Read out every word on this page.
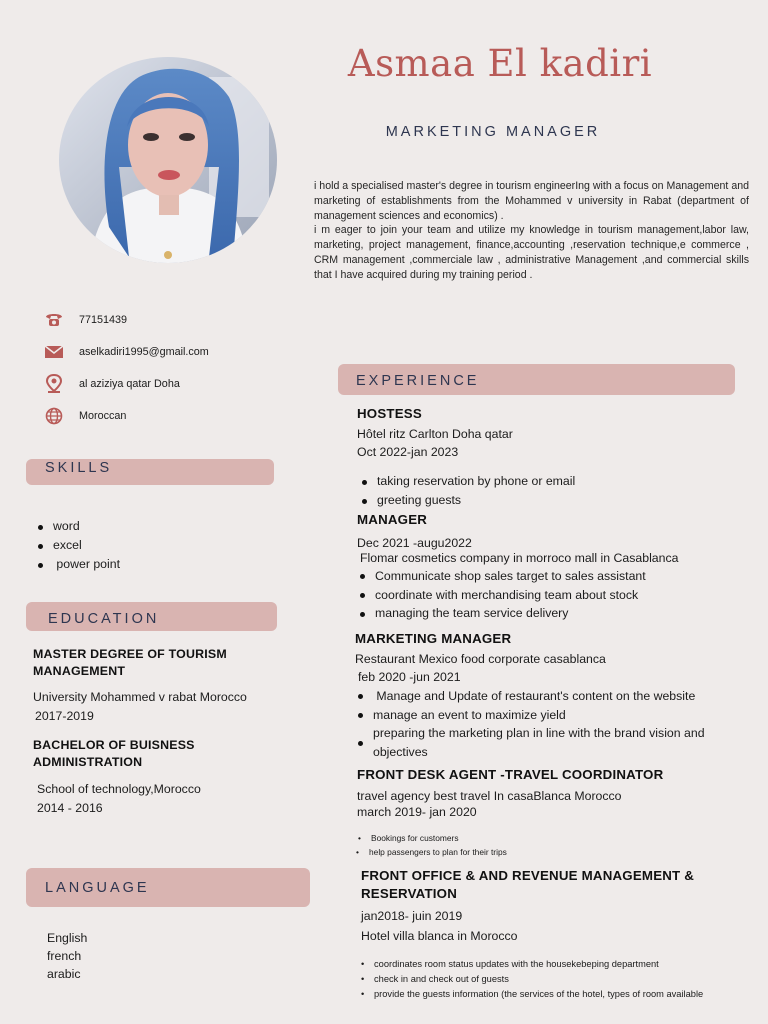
Asmaa El kadiri
MARKETING MANAGER

i hold a specialised master's degree in tourism engineerIng with a focus on Management and marketing of establishments from the Mohammed v university in Rabat (department of management sciences and economics) .

i m eager to join your team and utilize my knowledge in tourism management,labor law, marketing, project management, finance,accounting ,reservation technique,e commerce , CRM management ,commerciale law , administrative Management ,and commercial skills that I have acquired during my training period .

77151439
aselkadiri1995@gmail.com
al aziziya qatar Doha
Moroccan
SKILLS
word
excel
power point
EDUCATION
MASTER DEGREE OF TOURISM MANAGEMENT
University Mohammed v rabat Morocco
2017-2019
BACHELOR OF BUISNESS ADMINISTRATION
School of technology,Morocco
2014 - 2016
LANGUAGE
English
french
arabic
EXPERIENCE
HOSTESS
Hôtel ritz Carlton Doha qatar
Oct 2022-jan 2023
taking reservation by phone or email
greeting guests
MANAGER
Dec 2021 -augu2022
Flomar cosmetics company in morroco mall in Casablanca
Communicate shop sales target to sales assistant
coordinate with merchandising team about stock
managing the team service delivery
MARKETING MANAGER
Restaurant Mexico food corporate casablanca
feb 2020 -jun 2021
Manage and Update of restaurant's content on the website
manage an event to maximize yield
preparing the marketing plan in line with the brand vision and objectives
FRONT DESK AGENT -TRAVEL COORDINATOR
travel agency best travel In casaBlanca Morocco
march 2019- jan 2020
• Bookings for customers
• help passengers to plan for their trips
FRONT OFFICE & AND REVENUE MANAGEMENT & RESERVATION
jan2018- juin 2019
Hotel villa blanca in Morocco
• coordinates room status updates with the housekebeping department
• check in and check out of guests
• provide the guests information (the services of the hotel, types of room available
